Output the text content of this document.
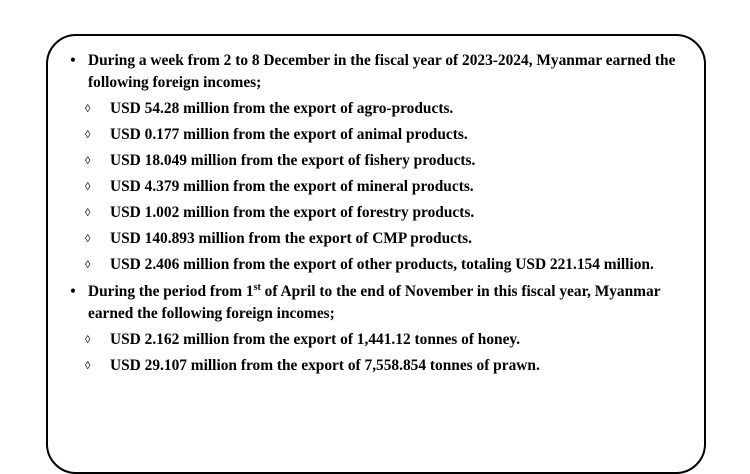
• During a week from 2 to 8 December in the fiscal year of 2023-2024, Myanmar earned the following foreign incomes;
◊ USD 54.28 million from the export of agro-products.
◊ USD 0.177 million from the export of animal products.
◊ USD 18.049 million from the export of fishery products.
◊ USD 4.379 million from the export of mineral products.
◊ USD 1.002 million from the export of forestry products.
◊ USD 140.893 million from the export of CMP products.
◊ USD 2.406 million from the export of other products, totaling USD 221.154 million.
• During the period from 1st of April to the end of November in this fiscal year, Myanmar earned the following foreign incomes;
◊ USD 2.162 million from the export of 1,441.12 tonnes of honey.
◊ USD 29.107 million from the export of 7,558.854 tonnes of prawn.
